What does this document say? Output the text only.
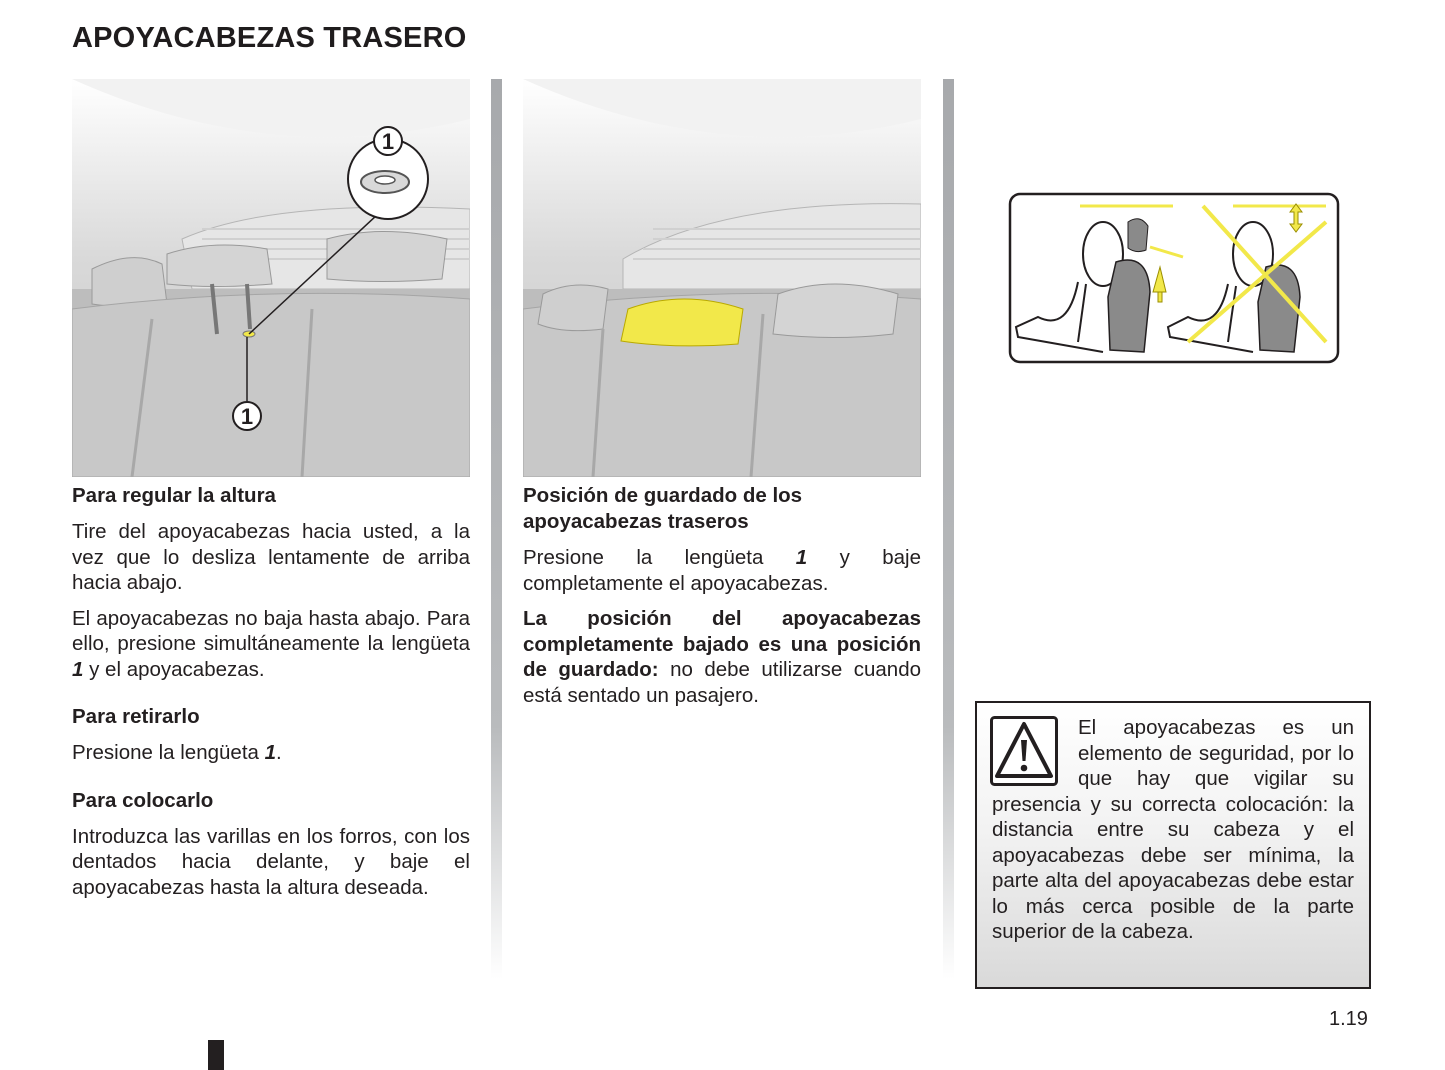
APOYACABEZAS TRASERO
1
1
Para regular la altura

Tire del apoyacabezas hacia usted, a la vez que lo desliza lentamente de arriba hacia abajo.

El apoyacabezas no baja hasta abajo. Para ello, presione simultáneamente la lengüeta 1 y el apoyacabezas.

Para retirarlo

Presione la lengüeta 1.

Para colocarlo

Introduzca las varillas en los forros, con los dentados hacia delante, y baje el apoyacabezas hasta la altura deseada.

Posición de guardado de los apoyacabezas traseros

Presione la lengüeta 1 y baje completamente el apoyacabezas.

La posición del apoyacabezas completamente bajado es una posición de guardado: no debe utilizarse cuando está sentado un pasajero.

El apoyacabezas es un elemento de seguridad, por lo que hay que vigilar su presencia y su correcta colocación: la distancia entre su cabeza y el apoyacabezas debe ser mínima, la parte alta del apoyacabezas debe estar lo más cerca posible de la parte superior de la cabeza.

1.19
